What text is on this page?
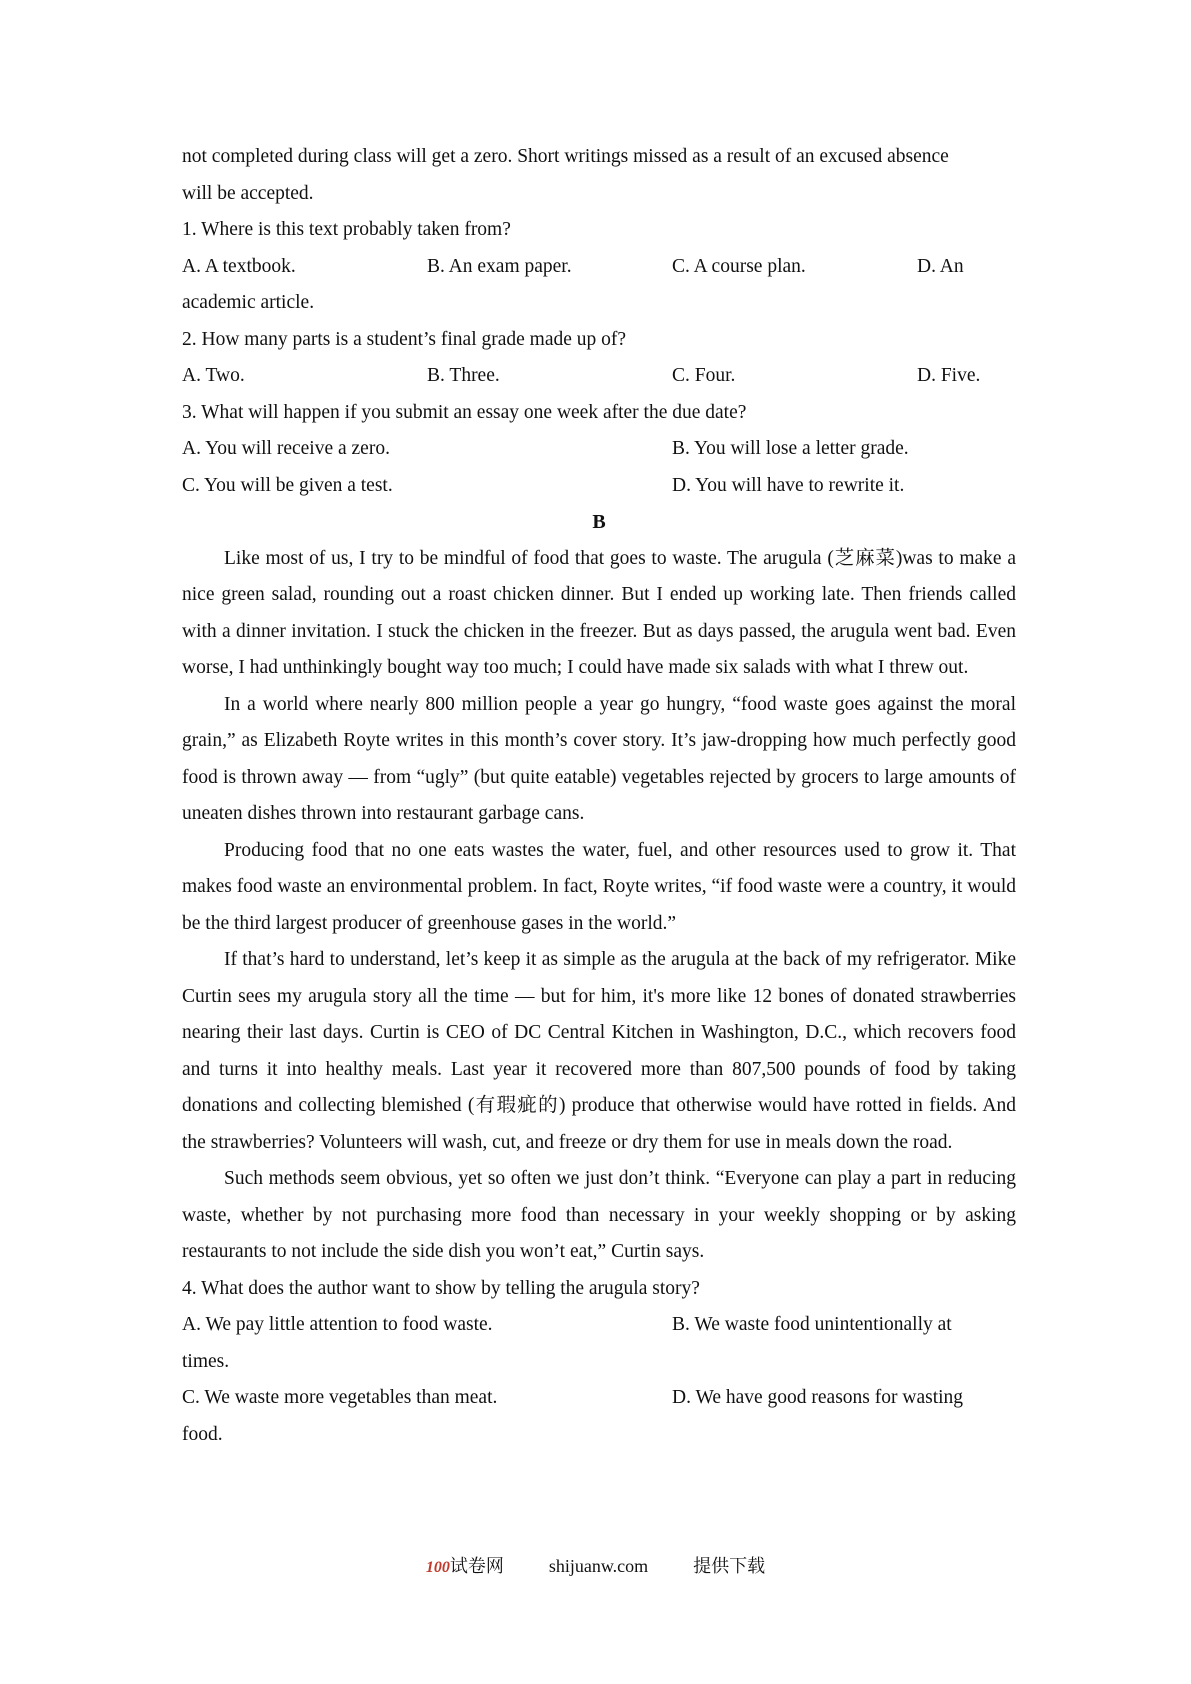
not completed during class will get a zero. Short writings missed as a result of an excused absence

will be accepted.

1. Where is this text probably taken from?

A. A textbook.	B. An exam paper.	C. A course plan.	D. An

academic article.

2. How many parts is a student’s final grade made up of?

A. Two.	B. Three.	C. Four.	D. Five.

3. What will happen if you submit an essay one week after the due date?

A. You will receive a zero.	B. You will lose a letter grade.
C. You will be given a test.	D. You will have to rewrite it.
B

Like most of us, I try to be mindful of food that goes to waste. The arugula (芝麻菜)was to make a nice green salad, rounding out a roast chicken dinner. But I ended up working late. Then friends called with a dinner invitation. I stuck the chicken in the freezer. But as days passed, the arugula went bad. Even worse, I had unthinkingly bought way too much; I could have made six salads with what I threw out.

In a world where nearly 800 million people a year go hungry, “food waste goes against the moral grain,” as Elizabeth Royte writes in this month’s cover story. It’s jaw-dropping how much perfectly good food is thrown away — from “ugly” (but quite eatable) vegetables rejected by grocers to large amounts of uneaten dishes thrown into restaurant garbage cans.

Producing food that no one eats wastes the water, fuel, and other resources used to grow it. That makes food waste an environmental problem. In fact, Royte writes, “if food waste were a country, it would be the third largest producer of greenhouse gases in the world.”

If that’s hard to understand, let’s keep it as simple as the arugula at the back of my refrigerator. Mike Curtin sees my arugula story all the time — but for him, it's more like 12 bones of donated strawberries nearing their last days. Curtin is CEO of DC Central Kitchen in Washington, D.C., which recovers food and turns it into healthy meals. Last year it recovered more than 807,500 pounds of food by taking donations and collecting blemished (有瑕疵的) produce that otherwise would have rotted in fields. And the strawberries? Volunteers will wash, cut, and freeze or dry them for use in meals down the road.

Such methods seem obvious, yet so often we just don’t think. “Everyone can play a part in reducing waste, whether by not purchasing more food than necessary in your weekly shopping or by asking restaurants to not include the side dish you won’t eat,” Curtin says.

4. What does the author want to show by telling the arugula story?

A. We pay little attention to food waste.	B. We waste food unintentionally at

times.

C. We waste more vegetables than meat.	D. We have good reasons for wasting

food.

100试卷网	shijuanw.com	提供下载
